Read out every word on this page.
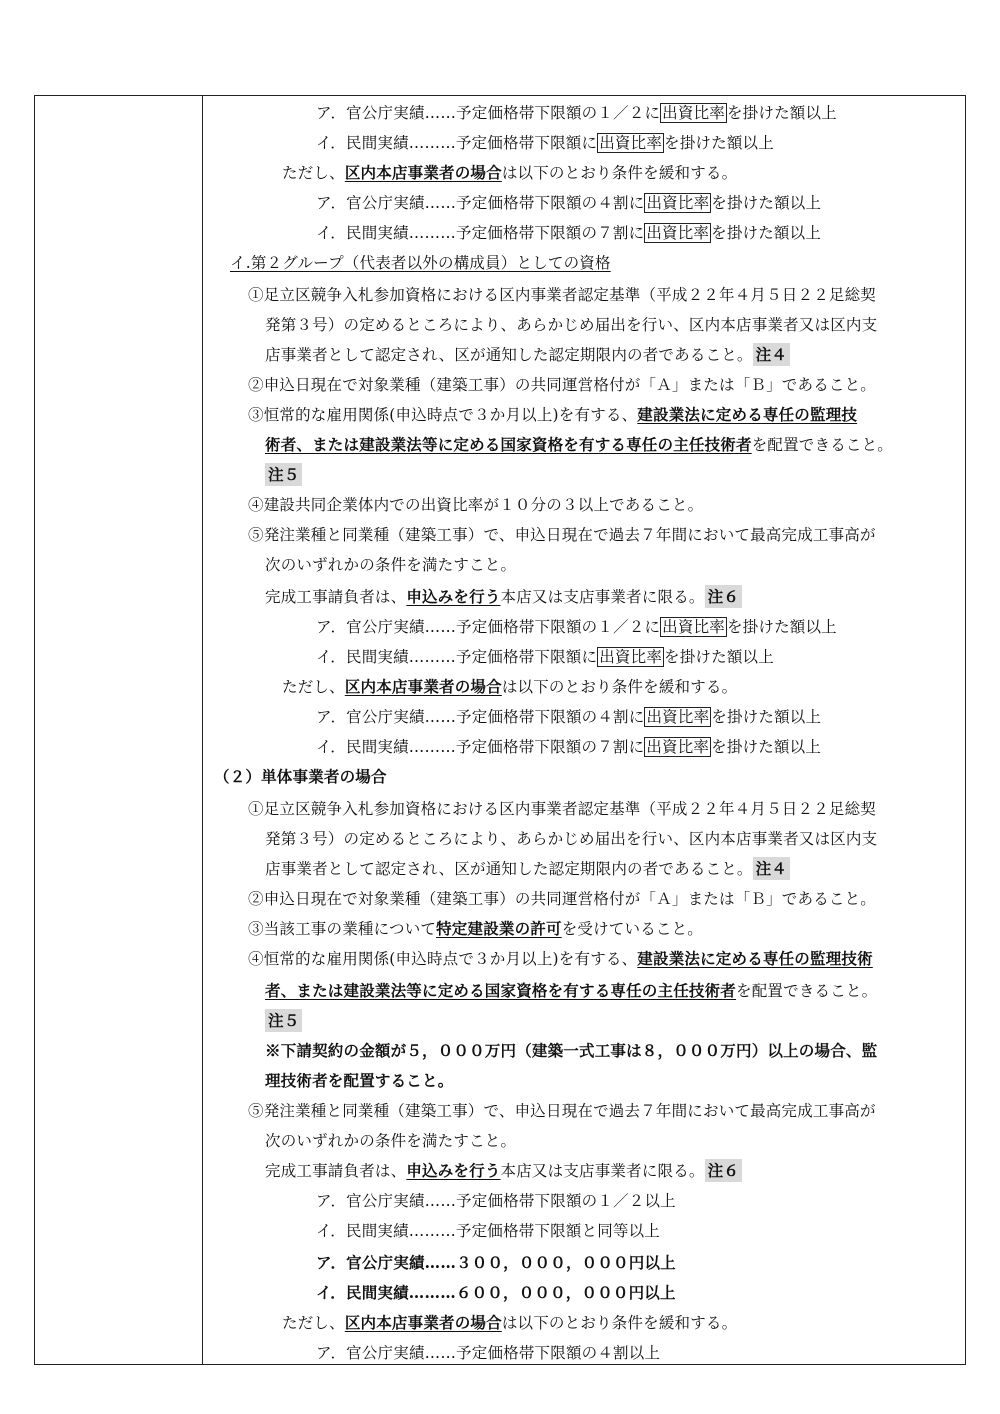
ア．官公庁実績……予定価格帯下限額の１／２に 出資比率 を掛けた額以上
イ．民間実績………予定価格帯下限額に 出資比率 を掛けた額以上
ただし、区内本店事業者の場合は以下のとおり条件を緩和する。
ア．官公庁実績……予定価格帯下限額の４割に 出資比率 を掛けた額以上
イ．民間実績………予定価格帯下限額の７割に 出資比率 を掛けた額以上
イ.第２グループ（代表者以外の構成員）としての資格
①足立区競争入札参加資格における区内事業者認定基準（平成２２年４月５日２２足総契
発第３号）の定めるところにより、あらかじめ届出を行い、区内本店事業者又は区内支
店事業者として認定され、区が通知した認定期限内の者であること。 注４
②申込日現在で対象業種（建築工事）の共同運営格付が「Ａ」または「Ｂ」であること。
③恒常的な雇用関係(申込時点で３か月以上)を有する、建設業法に定める専任の監理技
術者、または建設業法等に定める国家資格を有する専任の主任技術者を配置できること。
注５
④建設共同企業体内での出資比率が１０分の３以上であること。
⑤発注業種と同業種（建築工事）で、申込日現在で過去７年間において最高完成工事高が
次のいずれかの条件を満たすこと。
完成工事請負者は、申込みを行う本店又は支店事業者に限る。 注６
ア．官公庁実績……予定価格帯下限額の１／２に 出資比率 を掛けた額以上
イ．民間実績………予定価格帯下限額に 出資比率 を掛けた額以上
ただし、区内本店事業者の場合は以下のとおり条件を緩和する。
ア．官公庁実績……予定価格帯下限額の４割に 出資比率 を掛けた額以上
イ．民間実績………予定価格帯下限額の７割に 出資比率 を掛けた額以上
（２）単体事業者の場合
①足立区競争入札参加資格における区内事業者認定基準（平成２２年４月５日２２足総契
発第３号）の定めるところにより、あらかじめ届出を行い、区内本店事業者又は区内支
店事業者として認定され、区が通知した認定期限内の者であること。 注４
②申込日現在で対象業種（建築工事）の共同運営格付が「Ａ」または「Ｂ」であること。
③当該工事の業種について特定建設業の許可を受けていること。
④恒常的な雇用関係(申込時点で３か月以上)を有する、建設業法に定める専任の監理技術
者、または建設業法等に定める国家資格を有する専任の主任技術者を配置できること。
注５
※下請契約の金額が５，０００万円（建築一式工事は８，０００万円）以上の場合、監
理技術者を配置すること。
⑤発注業種と同業種（建築工事）で、申込日現在で過去７年間において最高完成工事高が
次のいずれかの条件を満たすこと。
完成工事請負者は、申込みを行う本店又は支店事業者に限る。 注６
ア．官公庁実績……予定価格帯下限額の１／２以上
イ．民間実績………予定価格帯下限額と同等以上
ア．官公庁実績……３００，０００，０００円以上
イ．民間実績………６００，０００，０００円以上
ただし、区内本店事業者の場合は以下のとおり条件を緩和する。
ア．官公庁実績……予定価格帯下限額の４割以上
